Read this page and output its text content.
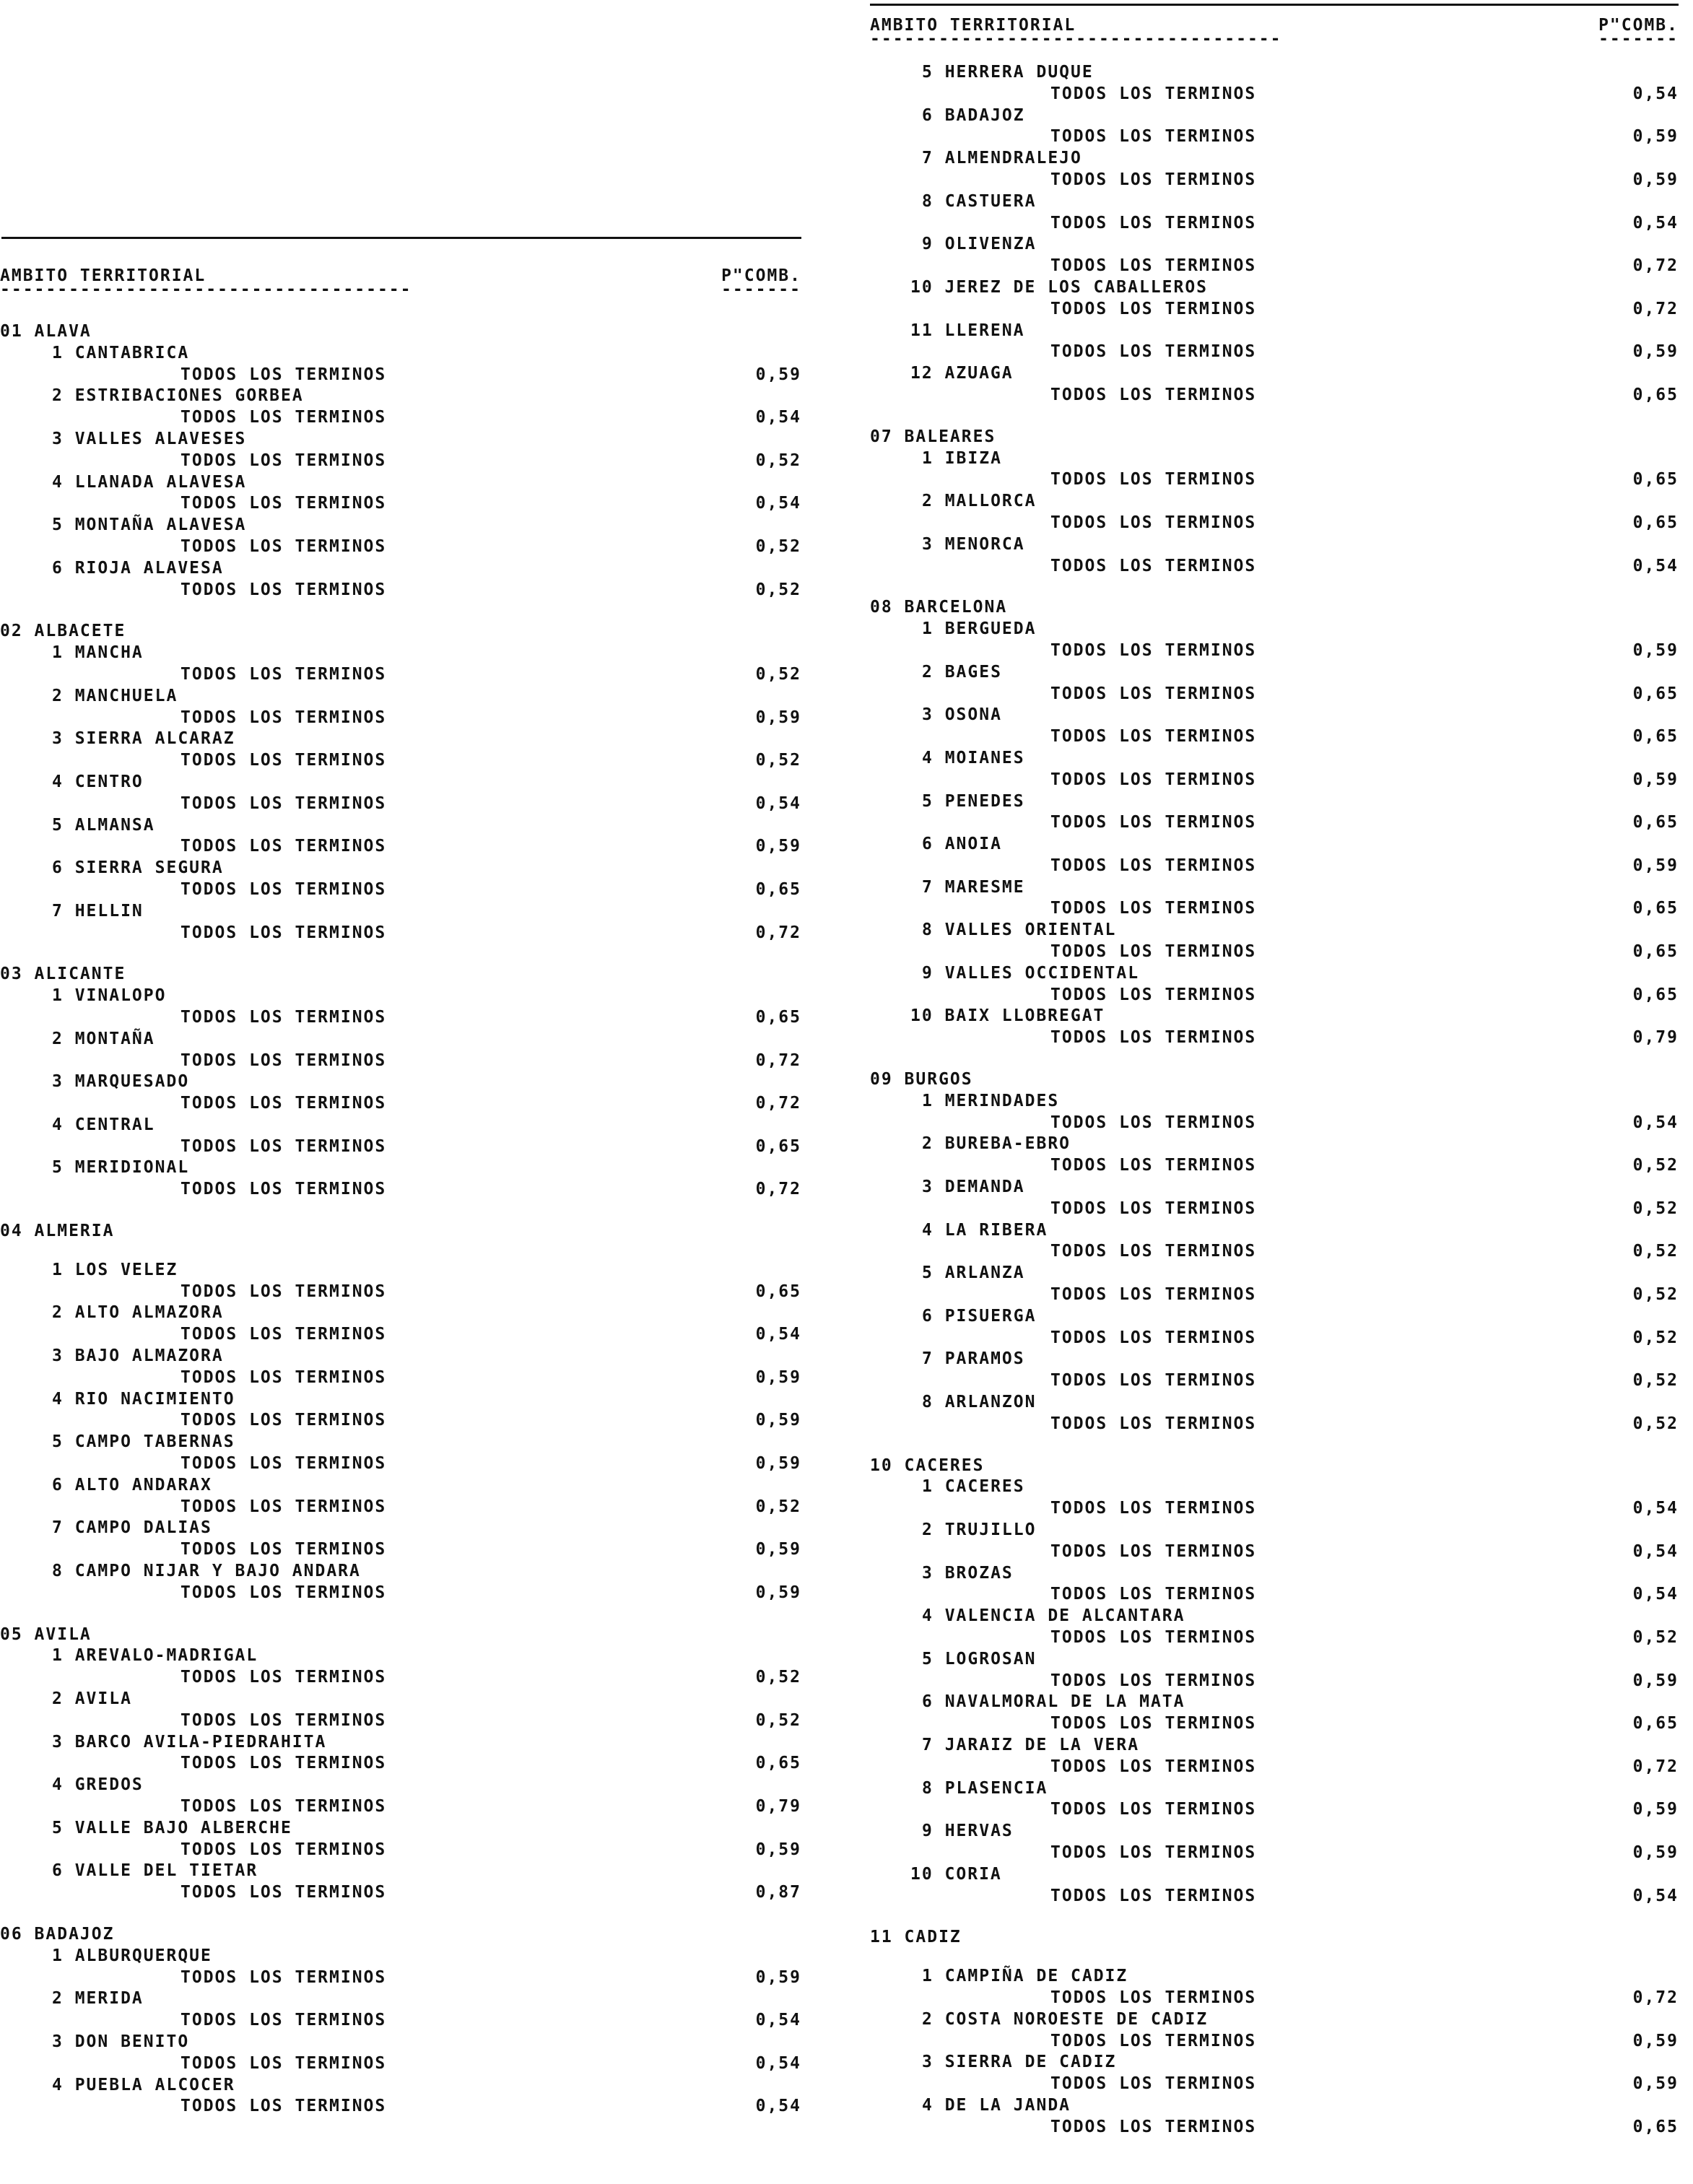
AMBITO TERRITORIAL	P"COMB.
------------------------------------	-------
01 ALAVA
1 CANTABRICA
TODOS LOS TERMINOS	0,59
2 ESTRIBACIONES GORBEA
TODOS LOS TERMINOS	0,54
3 VALLES ALAVESES
TODOS LOS TERMINOS	0,52
4 LLANADA ALAVESA
TODOS LOS TERMINOS	0,54
5 MONTAÑA ALAVESA
TODOS LOS TERMINOS	0,52
6 RIOJA ALAVESA
TODOS LOS TERMINOS	0,52
02 ALBACETE
1 MANCHA
TODOS LOS TERMINOS	0,52
2 MANCHUELA
TODOS LOS TERMINOS	0,59
3 SIERRA ALCARAZ
TODOS LOS TERMINOS	0,52
4 CENTRO
TODOS LOS TERMINOS	0,54
5 ALMANSA
TODOS LOS TERMINOS	0,59
6 SIERRA SEGURA
TODOS LOS TERMINOS	0,65
7 HELLIN
TODOS LOS TERMINOS	0,72
03 ALICANTE
1 VINALOPO
TODOS LOS TERMINOS	0,65
2 MONTAÑA
TODOS LOS TERMINOS	0,72
3 MARQUESADO
TODOS LOS TERMINOS	0,72
4 CENTRAL
TODOS LOS TERMINOS	0,65
5 MERIDIONAL
TODOS LOS TERMINOS	0,72
04 ALMERIA
1 LOS VELEZ
TODOS LOS TERMINOS	0,65
2 ALTO ALMAZORA
TODOS LOS TERMINOS	0,54
3 BAJO ALMAZORA
TODOS LOS TERMINOS	0,59
4 RIO NACIMIENTO
TODOS LOS TERMINOS	0,59
5 CAMPO TABERNAS
TODOS LOS TERMINOS	0,59
6 ALTO ANDARAX
TODOS LOS TERMINOS	0,52
7 CAMPO DALIAS
TODOS LOS TERMINOS	0,59
8 CAMPO NIJAR Y BAJO ANDARA
TODOS LOS TERMINOS	0,59
05 AVILA
1 AREVALO-MADRIGAL
TODOS LOS TERMINOS	0,52
2 AVILA
TODOS LOS TERMINOS	0,52
3 BARCO AVILA-PIEDRAHITA
TODOS LOS TERMINOS	0,65
4 GREDOS
TODOS LOS TERMINOS	0,79
5 VALLE BAJO ALBERCHE
TODOS LOS TERMINOS	0,59
6 VALLE DEL TIETAR
TODOS LOS TERMINOS	0,87
06 BADAJOZ
1 ALBURQUERQUE
TODOS LOS TERMINOS	0,59
2 MERIDA
TODOS LOS TERMINOS	0,54
3 DON BENITO
TODOS LOS TERMINOS	0,54
4 PUEBLA ALCOCER
TODOS LOS TERMINOS	0,54
AMBITO TERRITORIAL	P"COMB.
------------------------------------	-------
5 HERRERA DUQUE
TODOS LOS TERMINOS	0,54
6 BADAJOZ
TODOS LOS TERMINOS	0,59
7 ALMENDRALEJO
TODOS LOS TERMINOS	0,59
8 CASTUERA
TODOS LOS TERMINOS	0,54
9 OLIVENZA
TODOS LOS TERMINOS	0,72
10 JEREZ DE LOS CABALLEROS
TODOS LOS TERMINOS	0,72
11 LLERENA
TODOS LOS TERMINOS	0,59
12 AZUAGA
TODOS LOS TERMINOS	0,65
07 BALEARES
1 IBIZA
TODOS LOS TERMINOS	0,65
2 MALLORCA
TODOS LOS TERMINOS	0,65
3 MENORCA
TODOS LOS TERMINOS	0,54
08 BARCELONA
1 BERGUEDA
TODOS LOS TERMINOS	0,59
2 BAGES
TODOS LOS TERMINOS	0,65
3 OSONA
TODOS LOS TERMINOS	0,65
4 MOIANES
TODOS LOS TERMINOS	0,59
5 PENEDES
TODOS LOS TERMINOS	0,65
6 ANOIA
TODOS LOS TERMINOS	0,59
7 MARESME
TODOS LOS TERMINOS	0,65
8 VALLES ORIENTAL
TODOS LOS TERMINOS	0,65
9 VALLES OCCIDENTAL
TODOS LOS TERMINOS	0,65
10 BAIX LLOBREGAT
TODOS LOS TERMINOS	0,79
09 BURGOS
1 MERINDADES
TODOS LOS TERMINOS	0,54
2 BUREBA-EBRO
TODOS LOS TERMINOS	0,52
3 DEMANDA
TODOS LOS TERMINOS	0,52
4 LA RIBERA
TODOS LOS TERMINOS	0,52
5 ARLANZA
TODOS LOS TERMINOS	0,52
6 PISUERGA
TODOS LOS TERMINOS	0,52
7 PARAMOS
TODOS LOS TERMINOS	0,52
8 ARLANZON
TODOS LOS TERMINOS	0,52
10 CACERES
1 CACERES
TODOS LOS TERMINOS	0,54
2 TRUJILLO
TODOS LOS TERMINOS	0,54
3 BROZAS
TODOS LOS TERMINOS	0,54
4 VALENCIA DE ALCANTARA
TODOS LOS TERMINOS	0,52
5 LOGROSAN
TODOS LOS TERMINOS	0,59
6 NAVALMORAL DE LA MATA
TODOS LOS TERMINOS	0,65
7 JARAIZ DE LA VERA
TODOS LOS TERMINOS	0,72
8 PLASENCIA
TODOS LOS TERMINOS	0,59
9 HERVAS
TODOS LOS TERMINOS	0,59
10 CORIA
TODOS LOS TERMINOS	0,54
11 CADIZ
1 CAMPIÑA DE CADIZ
TODOS LOS TERMINOS	0,72
2 COSTA NOROESTE DE CADIZ
TODOS LOS TERMINOS	0,59
3 SIERRA DE CADIZ
TODOS LOS TERMINOS	0,59
4 DE LA JANDA
TODOS LOS TERMINOS	0,65
